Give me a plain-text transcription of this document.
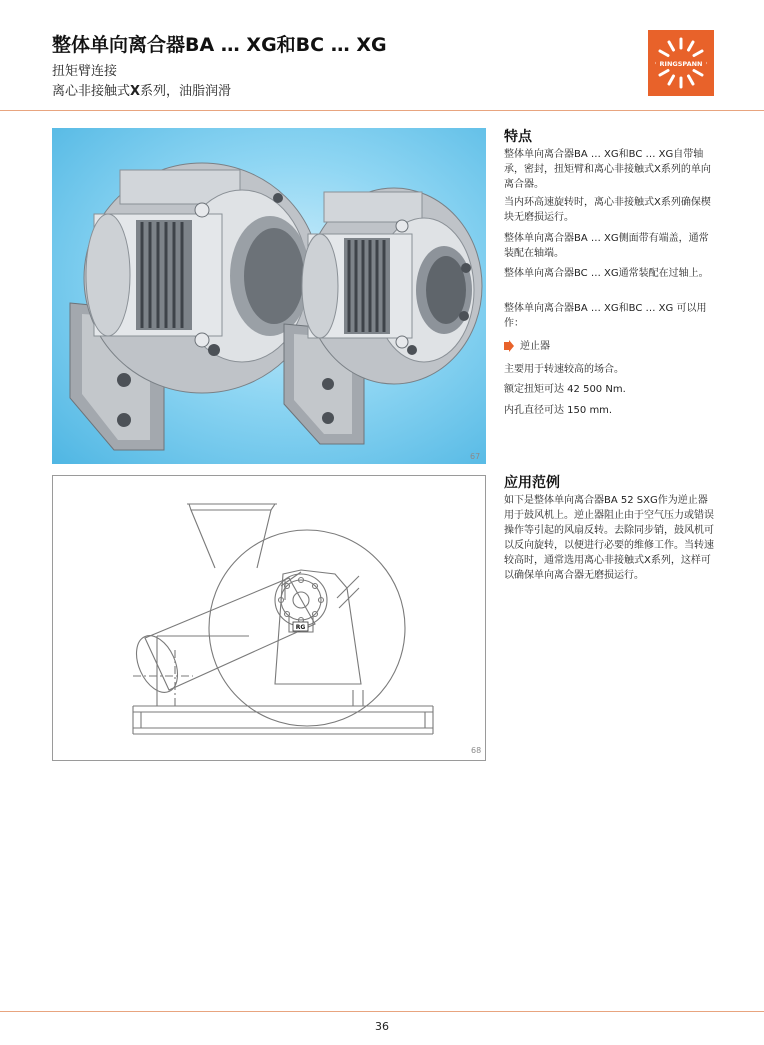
整体单向离合器BA … XG和BC … XG
扭矩臂连接
离心非接触式X系列，油脂润滑
RINGSPANN
67
特点

整体单向离合器BA … XG和BC … XG自带轴承，密封，扭矩臂和离心非接触式X系列的单向离合器。

当内环高速旋转时，离心非接触式X系列确保楔块无磨损运行。

整体单向离合器BA … XG侧面带有端盖，通常装配在轴端。

整体单向离合器BC … XG通常装配在过轴上。

整体单向离合器BA … XG和BC … XG 可以用作：

逆止器

主要用于转速较高的场合。

额定扭矩可达 42 500 Nm.

内孔直径可达 150 mm.

RG
68
应用范例

如下是整体单向离合器BA 52 SXG作为逆止器用于鼓风机上。逆止器阻止由于空气压力或错误操作等引起的风扇反转。去除同步销，鼓风机可以反向旋转，以便进行必要的维修工作。当转速较高时，通常选用离心非接触式X系列，这样可以确保单向离合器无磨损运行。

36
